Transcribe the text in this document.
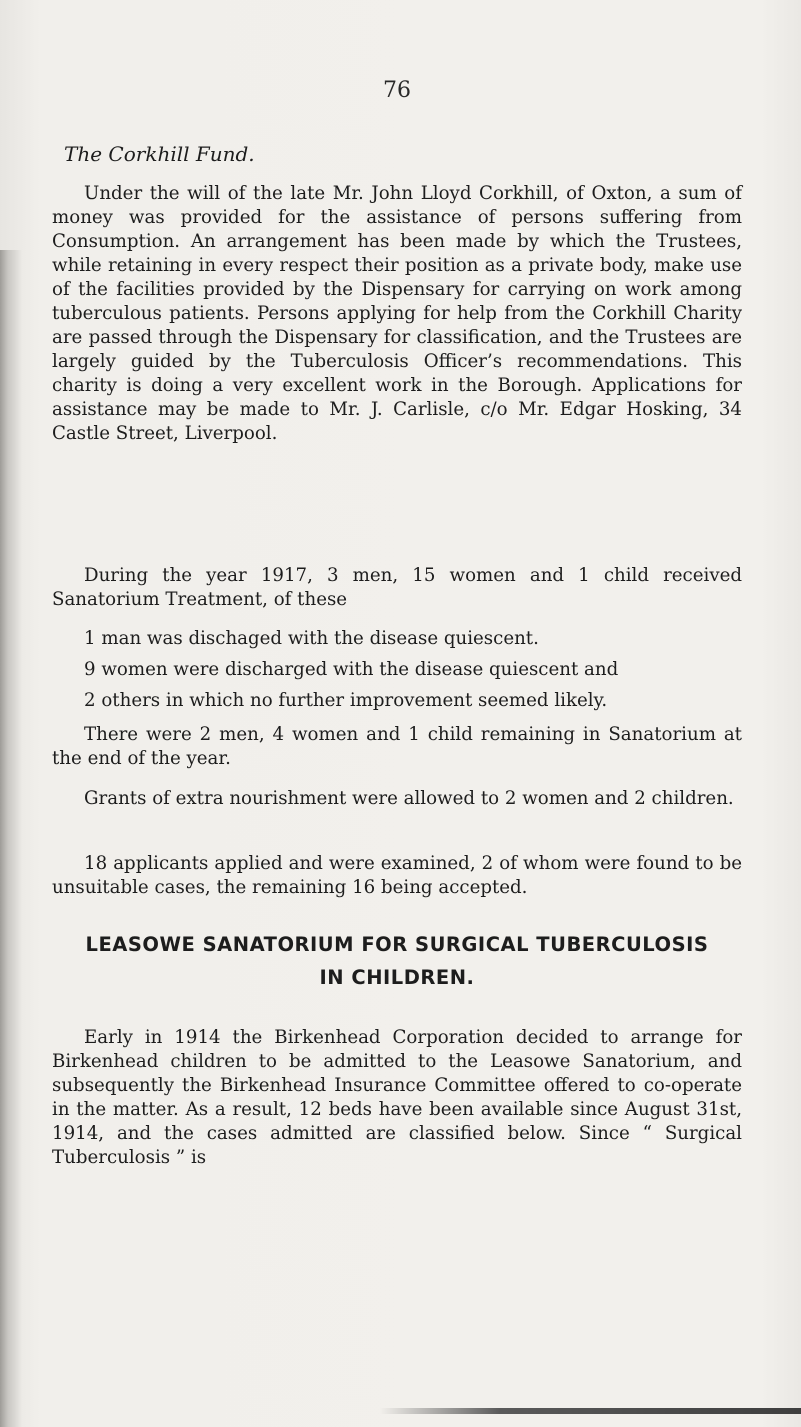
76
The Corkhill Fund.

Under the will of the late Mr. John Lloyd Corkhill, of Oxton, a sum of money was provided for the assistance of persons suffering from Consumption. An arrangement has been made by which the Trustees, while retaining in every respect their position as a private body, make use of the facilities provided by the Dispensary for carrying on work among tuberculous patients. Persons applying for help from the Corkhill Charity are passed through the Dispensary for classification, and the Trustees are largely guided by the Tuberculosis Officer’s recommendations. This charity is doing a very excellent work in the Borough. Applications for assistance may be made to Mr. J. Carlisle, c/o Mr. Edgar Hosking, 34 Castle Street, Liverpool.

During the year 1917, 3 men, 15 women and 1 child received Sanatorium Treatment, of these

1 man was dischaged with the disease quiescent.

9 women were discharged with the disease quiescent and

2 others in which no further improvement seemed likely.

There were 2 men, 4 women and 1 child remaining in Sanatorium at the end of the year.

Grants of extra nourishment were allowed to 2 women and 2 children.

18 applicants applied and were examined, 2 of whom were found to be unsuitable cases, the remaining 16 being accepted.

LEASOWE SANATORIUM FOR SURGICAL TUBERCULOSIS

IN CHILDREN.

Early in 1914 the Birkenhead Corporation decided to arrange for Birkenhead children to be admitted to the Leasowe Sanatorium, and subsequently the Birkenhead Insurance Committee offered to co-operate in the matter. As a result, 12 beds have been available since August 31st, 1914, and the cases admitted are classified below. Since “ Surgical Tuberculosis ” is
